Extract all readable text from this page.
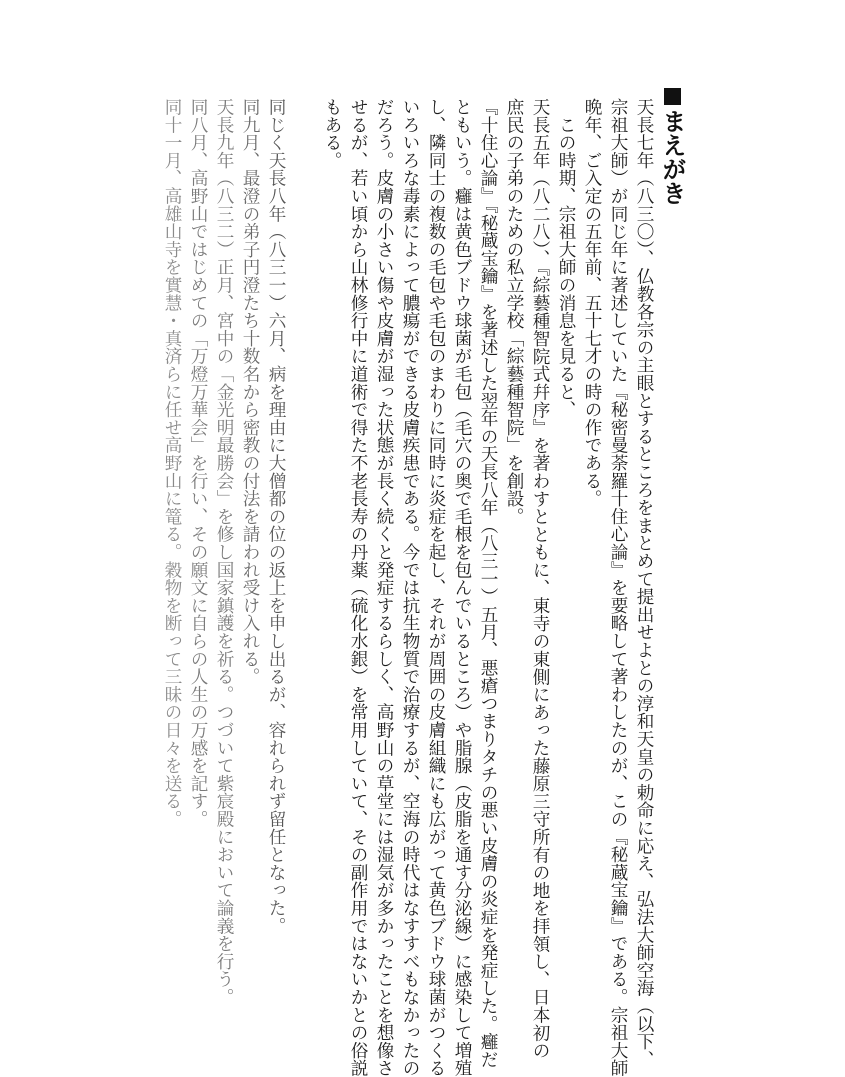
まえがき
天長七年（八三〇）、仏教各宗の主眼とするところをまとめて提出せよとの淳和天皇の勅命に応え、弘法大師空海（以下、
宗祖大師）が同じ年に著述していた『秘密曼荼羅十住心論』を要略して著わしたのが、この『秘蔵宝鑰』である。宗祖大師
晩年、ご入定の五年前、五十七才の時の作である。
　この時期、宗祖大師の消息を見ると、
天長五年（八二八）、『綜藝種智院式幷序』を著わすとともに、東寺の東側にあった藤原三守所有の地を拝領し、日本初の
庶民の子弟のための私立学校「綜藝種智院」を創設。
『十住心論』『秘蔵宝鑰』を著述した翌年の天長八年（八三一）五月、悪瘡つまりタチの悪い皮膚の炎症を発症した。癰だ
ともいう。癰は黄色ブドウ球菌が毛包（毛穴の奥で毛根を包んでいるところ）や脂腺（皮脂を通す分泌線）に感染して増殖
し、隣同士の複数の毛包や毛包のまわりに同時に炎症を起し、それが周囲の皮膚組織にも広がって黄色ブドウ球菌がつくる
いろいろな毒素によって膿瘍ができる皮膚疾患である。今では抗生物質で治療するが、空海の時代はなすすべもなかったの
だろう。皮膚の小さい傷や皮膚が湿った状態が長く続くと発症するらしく、高野山の草堂には湿気が多かったことを想像さ
せるが、若い頃から山林修行中に道術で得た不老長寿の丹薬（硫化水銀）を常用していて、その副作用ではないかとの俗説
もある。
同じく天長八年（八三一）六月、病を理由に大僧都の位の返上を申し出るが、容れられず留任となった。
同九月、最澄の弟子円澄たち十数名から密教の付法を請われ受け入れる。
天長九年（八三二）正月、宮中の「金光明最勝会」を修し国家鎮護を祈る。つづいて紫宸殿において論義を行う。
同八月、高野山ではじめての「万燈万華会」を行い、その願文に自らの人生の万感を記す。
同十一月、高雄山寺を實慧・真済らに任せ高野山に篭る。穀物を断って三昧の日々を送る。
